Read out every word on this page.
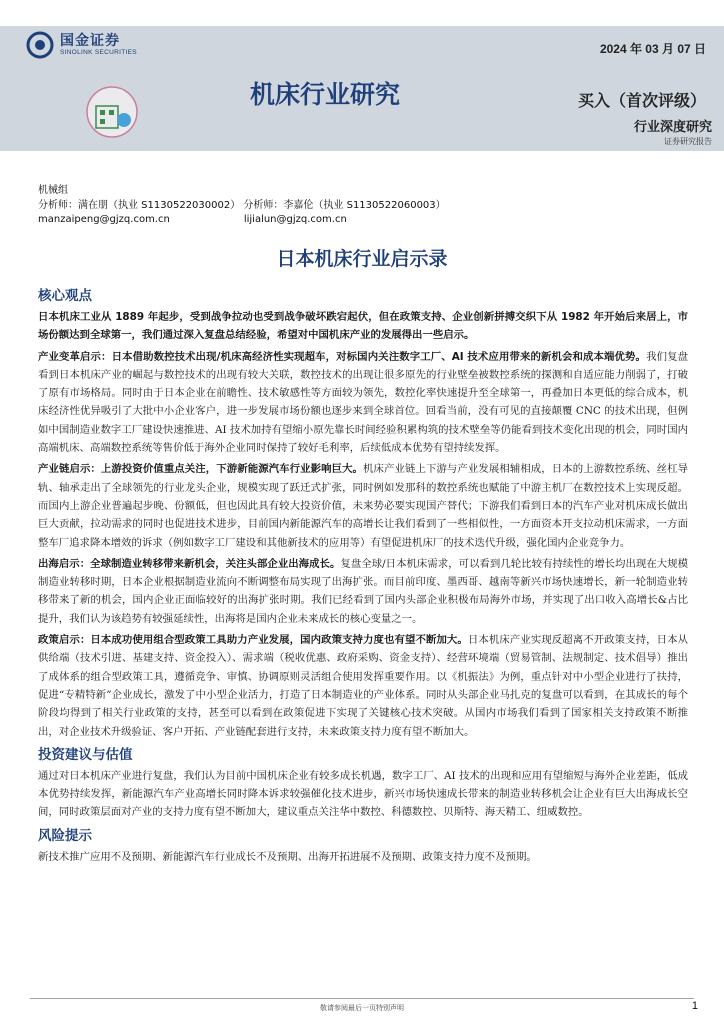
国金证券
SINOLINK SECURITIES	2024 年 03 月 07 日
机床行业研究	买入（首次评级）
行业深度研究
证券研究报告
机械组
分析师：满在朋（执业 S1130522030002） 分析师：李嘉伦（执业 S1130522060003）
manzaipeng@gjzq.com.cn	lijialun@gjzq.com.cn
日本机床行业启示录
核心观点

日本机床工业从 1889 年起步，受到战争拉动也受到战争破坏跌宕起伏，但在政策支持、企业创新拼搏交织下从 1982 年开始后来居上，市场份额达到全球第一，我们通过深入复盘总结经验，希望对中国机床产业的发展得出一些启示。

产业变革启示：日本借助数控技术出现/机床高经济性实现超车，对标国内关注数字工厂、AI 技术应用带来的新机会和成本端优势。我们复盘看到日本机床产业的崛起与数控技术的出现有较大关联，数控技术的出现让很多原先的行业壁垒被数控系统的探测和自适应能力削弱了，打破了原有市场格局。同时由于日本企业在前瞻性、技术敏感性等方面较为领先，数控化率快速提升至全球第一，再叠加日本更低的综合成本，机床经济性优异吸引了大批中小企业客户，进一步发展市场份额也逐步来到全球首位。回看当前，没有可见的直接颠覆 CNC 的技术出现，但例如中国制造业数字工厂建设快速推进、AI 技术加持有望缩小原先靠长时间经验积累构筑的技术壁垒等仍能看到技术变化出现的机会，同时国内高端机床、高端数控系统等售价低于海外企业同时保持了较好毛利率，后续低成本优势有望持续发挥。

产业链启示：上游投资价值重点关注，下游新能源汽车行业影响巨大。机床产业链上下游与产业发展相辅相成，日本的上游数控系统、丝杠导轨、轴承走出了全球领先的行业龙头企业，规模实现了跃迁式扩张，同时例如发那科的数控系统也赋能了中游主机厂在数控技术上实现反超。而国内上游企业普遍起步晚、份额低，但也因此具有较大投资价值，未来势必要实现国产替代；下游我们看到日本的汽车产业对机床成长做出巨大贡献，拉动需求的同时也促进技术进步，目前国内新能源汽车的高增长让我们看到了一些相似性，一方面资本开支拉动机床需求，一方面整车厂追求降本增效的诉求（例如数字工厂建设和其他新技术的应用等）有望促进机床厂的技术迭代升级，强化国内企业竞争力。

出海启示：全球制造业转移带来新机会，关注头部企业出海成长。复盘全球/日本机床需求，可以看到几轮比较有持续性的增长均出现在大规模制造业转移时期，日本企业根据制造业流向不断调整布局实现了出海扩张。而目前印度、墨西哥、越南等新兴市场快速增长，新一轮制造业转移带来了新的机会，国内企业正面临较好的出海扩张时期。我们已经看到了国内头部企业积极布局海外市场，并实现了出口收入高增长&占比提升，我们认为该趋势有较强延续性，出海将是国内企业未来成长的核心变量之一。

政策启示：日本成功使用组合型政策工具助力产业发展，国内政策支持力度也有望不断加大。日本机床产业实现反超离不开政策支持，日本从供给端（技术引进、基建支持、资金投入）、需求端（税收优惠、政府采购、资金支持）、经营环境端（贸易管制、法规制定、技术倡导）推出了成体系的组合型政策工具，遵循竞争、审慎、协调原则灵活组合使用发挥重要作用。以《机振法》为例，重点针对中小型企业进行了扶持，促进“专精特新”企业成长，激发了中小型企业活力，打造了日本制造业的产业体系。同时从头部企业马扎克的复盘可以看到，在其成长的每个阶段均得到了相关行业政策的支持，甚至可以看到在政策促进下实现了关键核心技术突破。从国内市场我们看到了国家相关支持政策不断推出，对企业技术升级验证、客户开拓、产业链配套进行支持，未来政策支持力度有望不断加大。

投资建议与估值

通过对日本机床产业进行复盘，我们认为目前中国机床企业有较多成长机遇，数字工厂、AI 技术的出现和应用有望缩短与海外企业差距，低成本优势持续发挥，新能源汽车产业高增长同时降本诉求较强催化技术进步，新兴市场快速成长带来的制造业转移机会让企业有巨大出海成长空间，同时政策层面对产业的支持力度有望不断加大，建议重点关注华中数控、科德数控、贝斯特、海天精工、纽威数控。

风险提示

新技术推广应用不及预期、新能源汽车行业成长不及预期、出海开拓进展不及预期、政策支持力度不及预期。

敬请参阅最后一页特别声明	1
